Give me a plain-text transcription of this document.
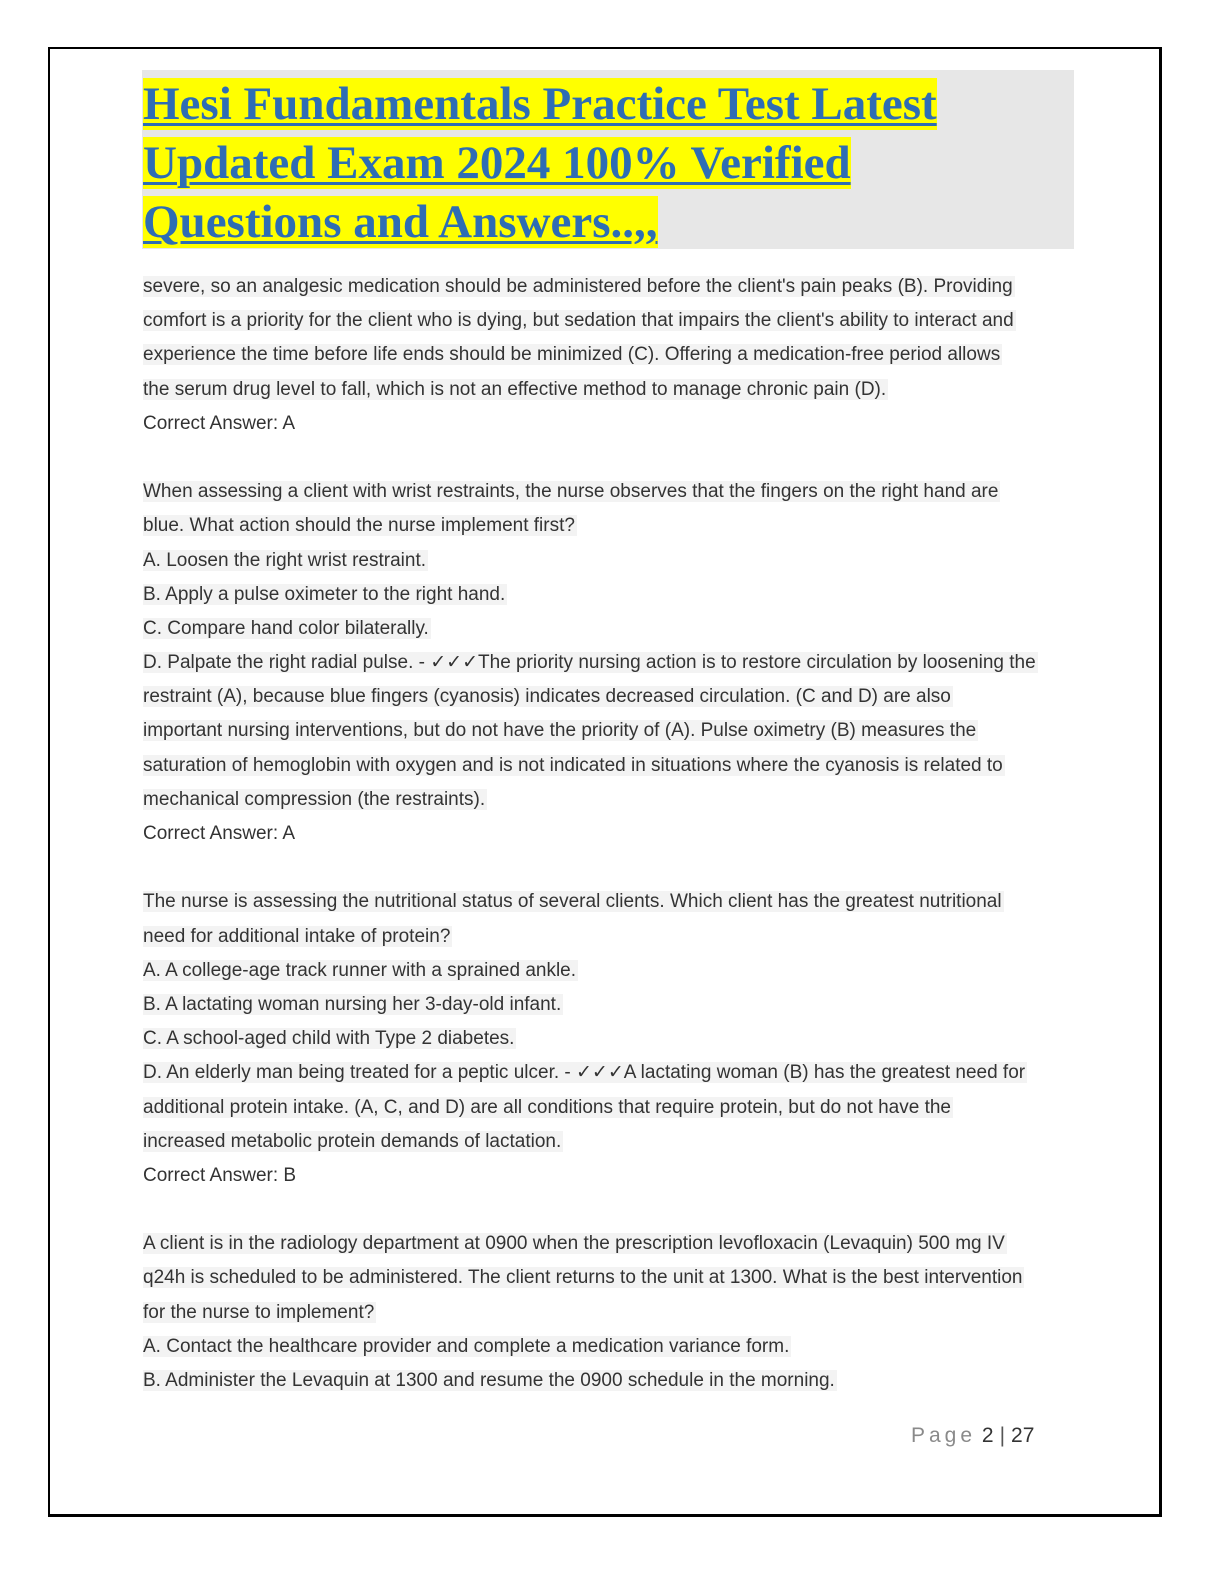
Hesi Fundamentals Practice Test Latest
Updated Exam 2024 100% Verified
Questions and Answers..,,
severe, so an analgesic medication should be administered before the client's pain peaks (B). Providing
comfort is a priority for the client who is dying, but sedation that impairs the client's ability to interact and
experience the time before life ends should be minimized (C). Offering a medication-free period allows
the serum drug level to fall, which is not an effective method to manage chronic pain (D).
Correct Answer: A
When assessing a client with wrist restraints, the nurse observes that the fingers on the right hand are
blue. What action should the nurse implement first?
A. Loosen the right wrist restraint.
B. Apply a pulse oximeter to the right hand.
C. Compare hand color bilaterally.
D. Palpate the right radial pulse. - ✓✓✓The priority nursing action is to restore circulation by loosening the
restraint (A), because blue fingers (cyanosis) indicates decreased circulation. (C and D) are also
important nursing interventions, but do not have the priority of (A). Pulse oximetry (B) measures the
saturation of hemoglobin with oxygen and is not indicated in situations where the cyanosis is related to
mechanical compression (the restraints).
Correct Answer: A
The nurse is assessing the nutritional status of several clients. Which client has the greatest nutritional
need for additional intake of protein?
A. A college-age track runner with a sprained ankle.
B. A lactating woman nursing her 3-day-old infant.
C. A school-aged child with Type 2 diabetes.
D. An elderly man being treated for a peptic ulcer. - ✓✓✓A lactating woman (B) has the greatest need for
additional protein intake. (A, C, and D) are all conditions that require protein, but do not have the
increased metabolic protein demands of lactation.
Correct Answer: B
A client is in the radiology department at 0900 when the prescription levofloxacin (Levaquin) 500 mg IV
q24h is scheduled to be administered. The client returns to the unit at 1300. What is the best intervention
for the nurse to implement?
A. Contact the healthcare provider and complete a medication variance form.
B. Administer the Levaquin at 1300 and resume the 0900 schedule in the morning.
Page 2 | 27
